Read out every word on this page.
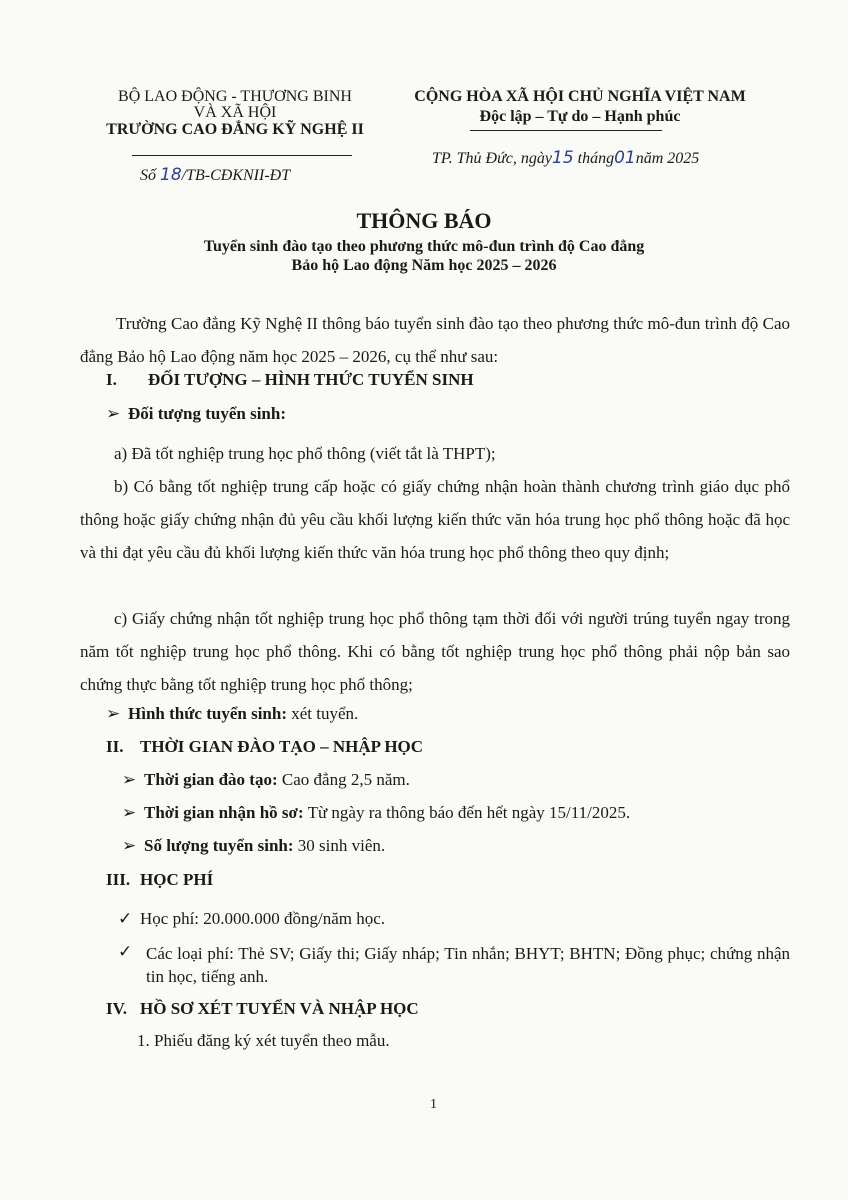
BỘ LAO ĐỘNG - THƯƠNG BINH
VÀ XÃ HỘI
TRƯỜNG CAO ĐẲNG KỸ NGHỆ II
Số 18/TB-CĐKNII-ĐT
CỘNG HÒA XÃ HỘI CHỦ NGHĨA VIỆT NAM
Độc lập – Tự do – Hạnh phúc
TP. Thủ Đức, ngày15 tháng01năm 2025
THÔNG BÁO
Tuyển sinh đào tạo theo phương thức mô-đun trình độ Cao đẳng
Bảo hộ Lao động Năm học 2025 – 2026
Trường Cao đẳng Kỹ Nghệ II thông báo tuyển sinh đào tạo theo phương thức mô-đun trình độ Cao đẳng Bảo hộ Lao động năm học 2025 – 2026, cụ thể như sau:
I. ĐỐI TƯỢNG – HÌNH THỨC TUYỂN SINH
➢ Đối tượng tuyển sinh:
a) Đã tốt nghiệp trung học phổ thông (viết tắt là THPT);
b) Có bằng tốt nghiệp trung cấp hoặc có giấy chứng nhận hoàn thành chương trình giáo dục phổ thông hoặc giấy chứng nhận đủ yêu cầu khối lượng kiến thức văn hóa trung học phổ thông hoặc đã học và thi đạt yêu cầu đủ khối lượng kiến thức văn hóa trung học phổ thông theo quy định;
c) Giấy chứng nhận tốt nghiệp trung học phổ thông tạm thời đối với người trúng tuyển ngay trong năm tốt nghiệp trung học phổ thông. Khi có bằng tốt nghiệp trung học phổ thông phải nộp bản sao chứng thực bằng tốt nghiệp trung học phổ thông;
➢ Hình thức tuyển sinh: xét tuyển.
II. THỜI GIAN ĐÀO TẠO – NHẬP HỌC
➢ Thời gian đào tạo: Cao đẳng 2,5 năm.
➢ Thời gian nhận hồ sơ: Từ ngày ra thông báo đến hết ngày 15/11/2025.
➢ Số lượng tuyển sinh: 30 sinh viên.
III. HỌC PHÍ
✓ Học phí: 20.000.000 đồng/năm học.
✓ Các loại phí: Thẻ SV; Giấy thi; Giấy nháp; Tin nhắn; BHYT; BHTN; Đồng phục; chứng nhận tin học, tiếng anh.
IV. HỒ SƠ XÉT TUYỂN VÀ NHẬP HỌC
1. Phiếu đăng ký xét tuyển theo mẫu.
1
